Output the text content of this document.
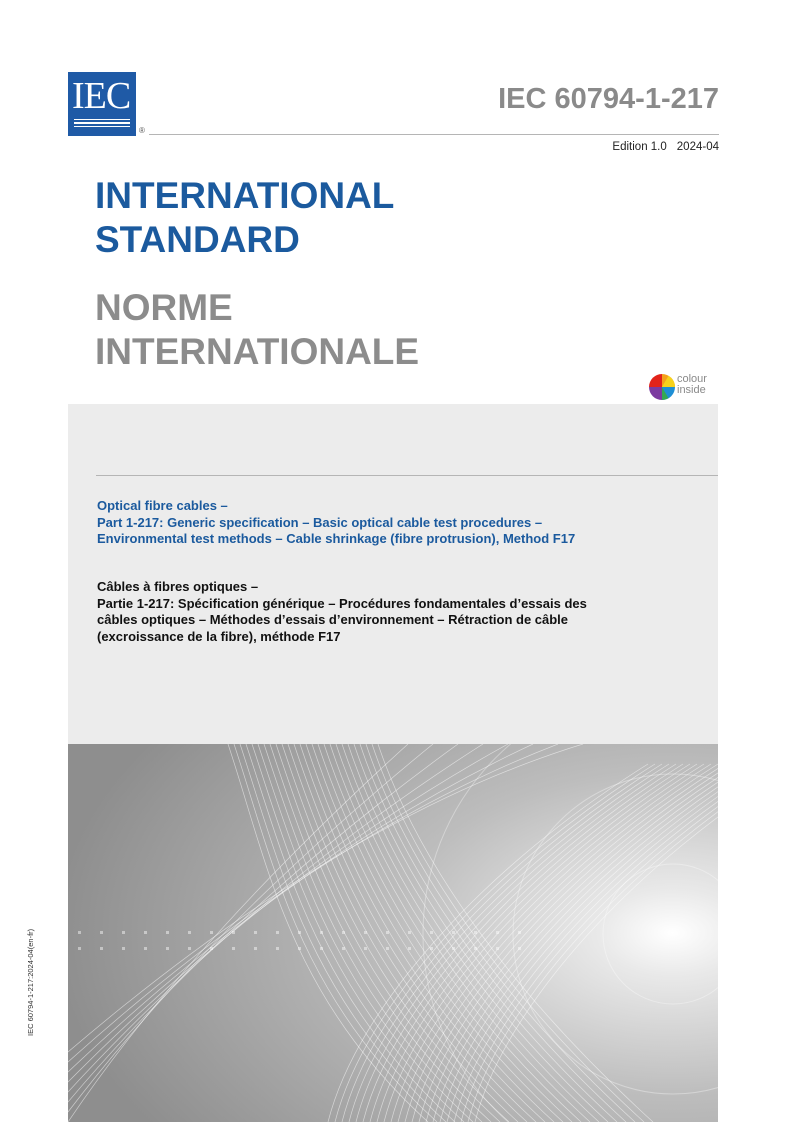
IEC
®
IEC 60794-1-217
Edition 1.0 2024-04
INTERNATIONAL
STANDARD
NORME
INTERNATIONALE
colour
inside
Optical fibre cables –
Part 1-217: Generic specification – Basic optical cable test procedures –
Environmental test methods – Cable shrinkage (fibre protrusion), Method F17
Câbles à fibres optiques –
Partie 1-217: Spécification générique – Procédures fondamentales d’essais des
câbles optiques – Méthodes d’essais d’environnement – Rétraction de câble
(excroissance de la fibre), méthode F17
IEC 60794-1-217:2024-04(en-fr)
